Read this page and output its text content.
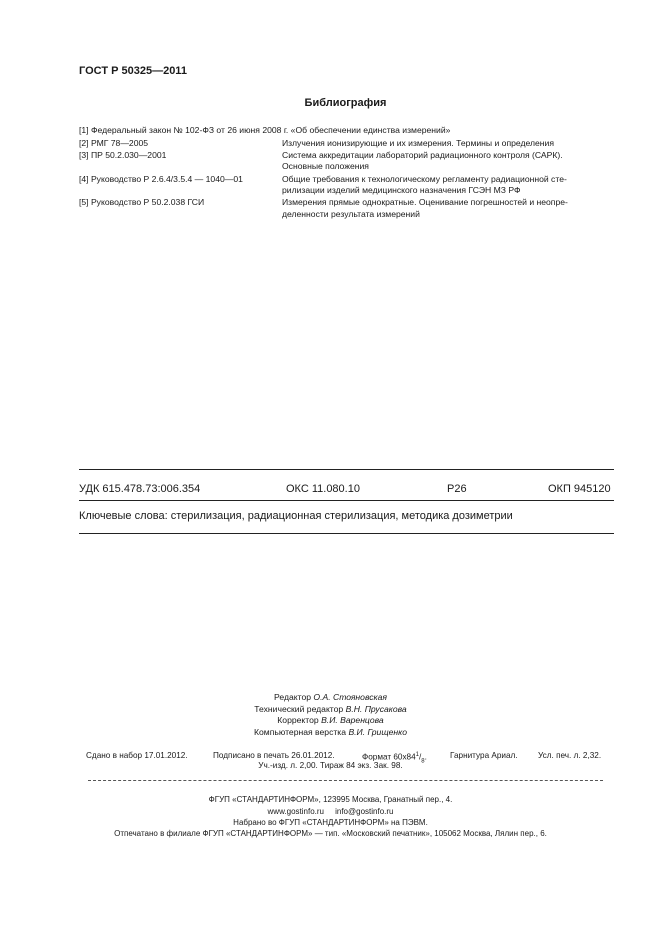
ГОСТ Р 50325—2011
Библиография
[1] Федеральный закон № 102-ФЗ от 26 июня 2008 г. «Об обеспечении единства измерений»
[2] РМГ 78—2005	Излучения ионизирующие и их измерения. Термины и определения
[3] ПР 50.2.030—2001	Система аккредитации лабораторий радиационного контроля (САРК).
Основные положения
[4] Руководство Р 2.6.4/3.5.4 — 1040—01	Общие требования к технологическому регламенту радиационной сте-
рилизации изделий медицинского назначения ГСЭН МЗ РФ
[5] Руководство Р 50.2.038 ГСИ	Измерения прямые однократные. Оценивание погрешностей и неопре-
деленности результата измерений
УДК 615.478.73:006.354	ОКС 11.080.10	Р26	ОКП 945120
Ключевые слова: стерилизация, радиационная стерилизация, методика дозиметрии
Редактор О.А. Стояновская
Технический редактор В.Н. Прусакова
Корректор В.И. Варенцова
Компьютерная верстка В.И. Грищенко
Сдано в набор 17.01.2012.	Подписано в печать 26.01.2012.	Формат $60x84^1/_8$.	Гарнитура Ариал. Усл. печ. л. 2,32.
Уч.-изд. л. 2,00. Тираж 84 экз. Зак. 98.
ФГУП «СТАНДАРТИНФОРМ», 123995 Москва, Гранатный пер., 4.
www.gostinfo.ru info@gostinfo.ru
Набрано во ФГУП «СТАНДАРТИНФОРМ» на ПЭВМ.
Отпечатано в филиале ФГУП «СТАНДАРТИНФОРМ» — тип. «Московский печатник», 105062 Москва, Лялин пер., 6.
